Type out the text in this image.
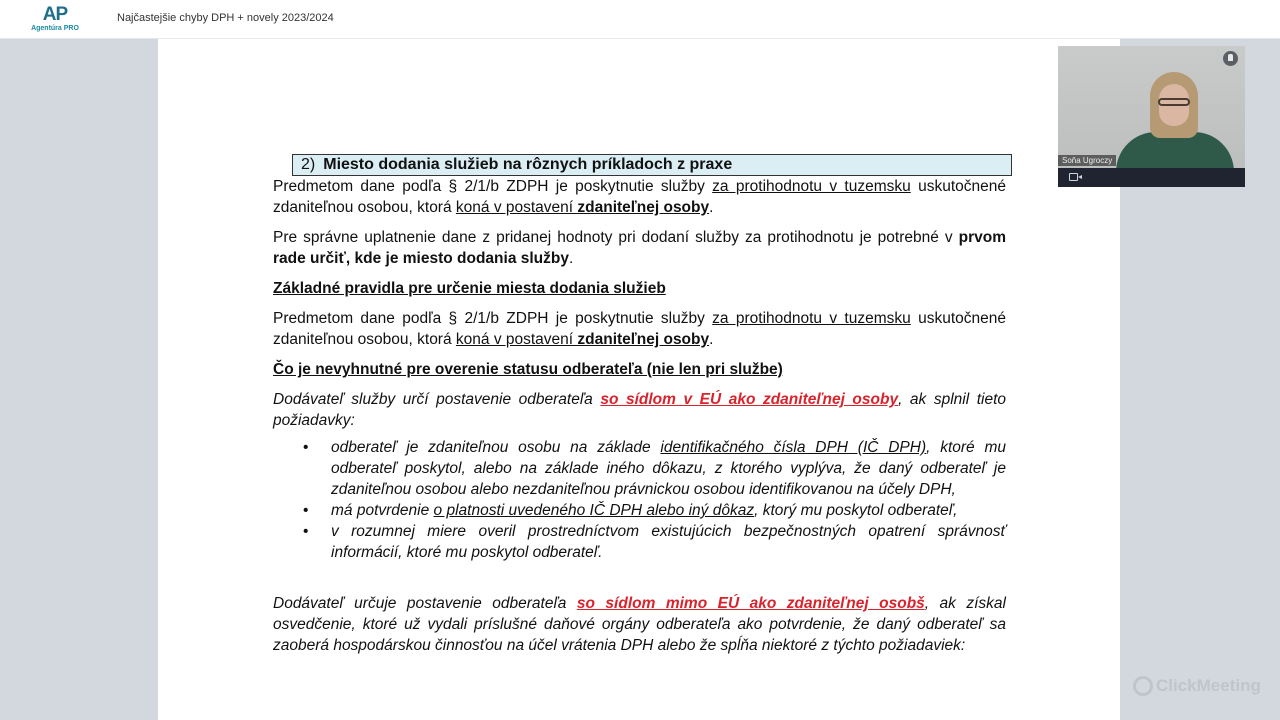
AP
Agentúra PRO
Najčastejšie chyby DPH + novely 2023/2024
2) Miesto dodania služieb na rôznych príkladoch z praxe

Predmetom dane podľa § 2/1/b ZDPH je poskytnutie služby za protihodnotu v tuzemsku uskutočnené zdaniteľnou osobou, ktorá koná v postavení zdaniteľnej osoby.

Pre správne uplatnenie dane z pridanej hodnoty pri dodaní služby za protihodnotu je potrebné v prvom rade určiť, kde je miesto dodania služby.

Základné pravidla pre určenie miesta dodania služieb

Predmetom dane podľa § 2/1/b ZDPH je poskytnutie služby za protihodnotu v tuzemsku uskutočnené zdaniteľnou osobou, ktorá koná v postavení zdaniteľnej osoby.

Čo je nevyhnutné pre overenie statusu odberateľa (nie len pri službe)

Dodávateľ služby určí postavenie odberateľa so sídlom v EÚ ako zdaniteľnej osoby, ak splnil tieto požiadavky:

• odberateľ je zdaniteľnou osobu na základe identifikačného čísla DPH (IČ DPH), ktoré mu odberateľ poskytol, alebo na základe iného dôkazu, z ktorého vyplýva, že daný odberateľ je zdaniteľnou osobou alebo nezdaniteľnou právnickou osobou identifikovanou na účely DPH,
• má potvrdenie o platnosti uvedeného IČ DPH alebo iný dôkaz, ktorý mu poskytol odberateľ,
• v rozumnej miere overil prostredníctvom existujúcich bezpečnostných opatrení správnosť informácií, ktoré mu poskytol odberateľ.

Dodávateľ určuje postavenie odberateľa so sídlom mimo EÚ ako zdaniteľnej osobš, ak získal osvedčenie, ktoré už vydali príslušné daňové orgány odberateľa ako potvrdenie, že daný odberateľ sa zaoberá hospodárskou činnosťou na účel vrátenia DPH alebo že spĺňa niektoré z týchto požiadaviek:

Soňa Ugroczy
ClickMeeting
